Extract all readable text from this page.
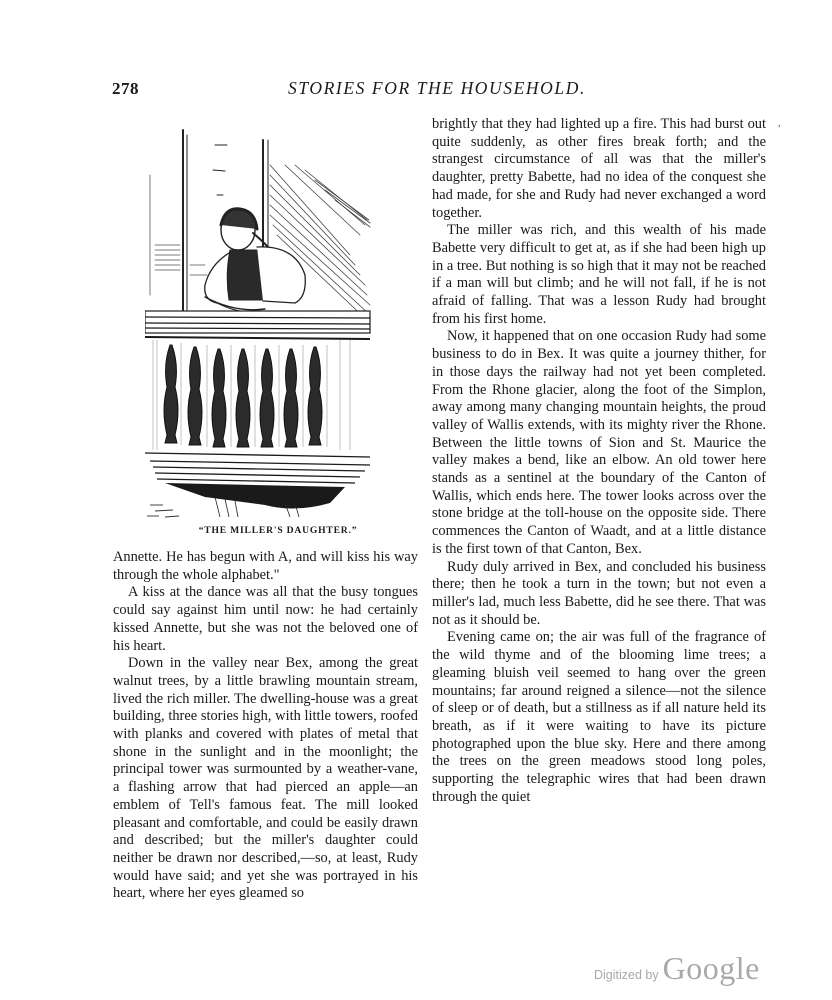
278	STORIES FOR THE HOUSEHOLD.
“THE MILLER'S DAUGHTER.”

Annette. He has begun with A, and will kiss his way through the whole alphabet."

A kiss at the dance was all that the busy tongues could say against him until now: he had certainly kissed Annette, but she was not the beloved one of his heart.

Down in the valley near Bex, among the great walnut trees, by a little brawling mountain stream, lived the rich miller. The dwelling-house was a great building, three stories high, with little towers, roofed with planks and covered with plates of metal that shone in the sunlight and in the moonlight; the principal tower was surmounted by a weather-vane, a flashing arrow that had pierced an apple—an emblem of Tell's famous feat. The mill looked pleasant and comfortable, and could be easily drawn and described; but the miller's daughter could neither be drawn nor described,—so, at least, Rudy would have said; and yet she was portrayed in his heart, where her eyes gleamed so

brightly that they had lighted up a fire. This had burst out quite suddenly, as other fires break forth; and the strangest circumstance of all was that the miller's daughter, pretty Babette, had no idea of the conquest she had made, for she and Rudy had never exchanged a word together.

The miller was rich, and this wealth of his made Babette very difficult to get at, as if she had been high up in a tree. But nothing is so high that it may not be reached if a man will but climb; and he will not fall, if he is not afraid of falling. That was a lesson Rudy had brought from his first home.

Now, it happened that on one occasion Rudy had some business to do in Bex. It was quite a journey thither, for in those days the railway had not yet been completed. From the Rhone glacier, along the foot of the Simplon, away among many changing mountain heights, the proud valley of Wallis extends, with its mighty river the Rhone. Between the little towns of Sion and St. Maurice the valley makes a bend, like an elbow. An old tower here stands as a sentinel at the boundary of the Canton of Wallis, which ends here. The tower looks across over the stone bridge at the toll-house on the opposite side. There commences the Canton of Waadt, and at a little distance is the first town of that Canton, Bex.

Rudy duly arrived in Bex, and concluded his business there; then he took a turn in the town; but not even a miller's lad, much less Babette, did he see there. That was not as it should be.

Evening came on; the air was full of the fragrance of the wild thyme and of the blooming lime trees; a gleaming bluish veil seemed to hang over the green mountains; far around reigned a silence—not the silence of sleep or of death, but a stillness as if all nature held its breath, as if it were waiting to have its picture photographed upon the blue sky. Here and there among the trees on the green meadows stood long poles, supporting the telegraphic wires that had been drawn through the quiet

,
Digitized by Google
